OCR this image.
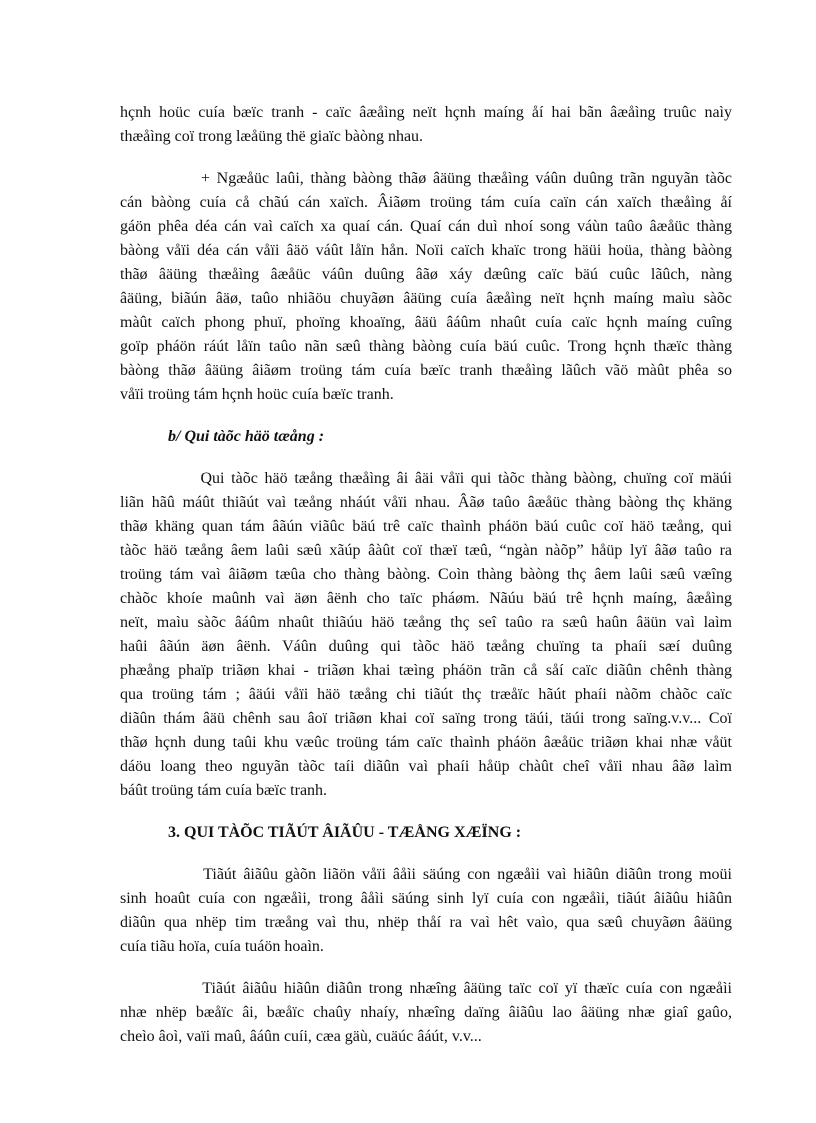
hçnh hoüc cuía bæïc tranh - caïc âæåìng neït hçnh maíng åí hai bãn âæåìng truûc naìy
thæåìng coï trong læåüng thë giaïc bàòng nhau.
+ Ngæåüc laûi, thàng bàòng thãø âäüng thæåìng váûn duûng trãn nguyãn tàõc
cán bàòng cuía cå chãú cán xaïch. Âiãøm troüng tám cuía caïn cán xaïch thæåìng åí
gáön phêa déa cán vaì caïch xa quaí cán. Quaí cán duì nhoí song váùn taûo âæåüc thàng
bàòng våïi déa cán våïi âäö váût låïn hån. Noïi caïch khaïc trong häüi hoüa, thàng bàòng
thãø âäüng thæåìng âæåüc váûn duûng âãø xáy dæûng caïc bäú cuûc lãûch, nàng
âäüng, biãún âäø, taûo nhiãöu chuyãøn âäüng cuía âæåìng neït hçnh maíng maìu sàõc
màût caïch phong phuï, phoïng khoaïng, âäü âáûm nhaût cuía caïc hçnh maíng cuîng
goïp pháön ráút låïn taûo nãn sæû thàng bàòng cuía bäú cuûc. Trong hçnh thæïc thàng
bàòng thãø âäüng âiãøm troüng tám cuía bæïc tranh thæåìng lãûch vãö màût phêa so
våïi troüng tám hçnh hoüc cuía bæïc tranh.
b/ Qui tàõc häö tæång :
Qui tàõc häö tæång thæåìng âi âäi våïi qui tàõc thàng bàòng, chuïng coï mäúi
liãn hãû máût thiãút vaì tæång nháút våïi nhau. Âãø taûo âæåüc thàng bàòng thç khäng
thãø khäng quan tám âãún viãûc bäú trê caïc thaình pháön bäú cuûc coï häö tæång, qui
tàõc häö tæång âem laûi sæû xãúp âàût coï thæï tæû, “ngàn nàõp” håüp lyï âãø taûo ra
troüng tám vaì âiãøm tæûa cho thàng bàòng. Coìn thàng bàòng thç âem laûi sæû væîng
chàõc khoíe maûnh vaì äøn âënh cho taïc pháøm. Nãúu bäú trê hçnh maíng, âæåìng
neït, maìu sàõc âáûm nhaût thiãúu häö tæång thç seî taûo ra sæû haûn âäün vaì laìm
haûi âãún äøn âënh. Váûn duûng qui tàõc häö tæång chuïng ta phaíi sæí duûng
phæång phaïp triãøn khai - triãøn khai tæìng pháön trãn cå såí caïc diãûn chênh thàng
qua troüng tám ; âäúi våïi häö tæång chi tiãút thç træåïc hãút phaíi nàõm chàõc caïc
diãûn thám âäü chênh sau âoï triãøn khai coï saïng trong täúi, täúi trong saïng.v.v... Coï
thãø hçnh dung taûi khu væûc troüng tám caïc thaình pháön âæåüc triãøn khai nhæ våüt
dáöu loang theo nguyãn tàõc taíi diãûn vaì phaíi håüp chàût cheî våïi nhau âãø laìm
báût troüng tám cuía bæïc tranh.
3. QUI TÀÕC TIÃÚT ÂIÃÛU - TÆÅNG XÆÏNG :
Tiãút âiãûu gàõn liãön våïi âåìi säúng con ngæåìi vaì hiãûn diãûn trong moüi
sinh hoaût cuía con ngæåìi, trong âåìi säúng sinh lyï cuía con ngæåìi, tiãút âiãûu hiãûn
diãûn qua nhëp tim træång vaì thu, nhëp thåí ra vaì hêt vaìo, qua sæû chuyãøn âäüng
cuía tiãu hoïa, cuía tuáön hoaìn.
Tiãút âiãûu hiãûn diãûn trong nhæîng âäüng taïc coï yï thæïc cuía con ngæåìi
nhæ nhëp bæåïc âi, bæåïc chaûy nhaíy, nhæîng daïng âiãûu lao âäüng nhæ giaî gaûo,
cheìo âoì, vaïi maû, âáûn cuíi, cæa gäù, cuäúc âáút, v.v...
